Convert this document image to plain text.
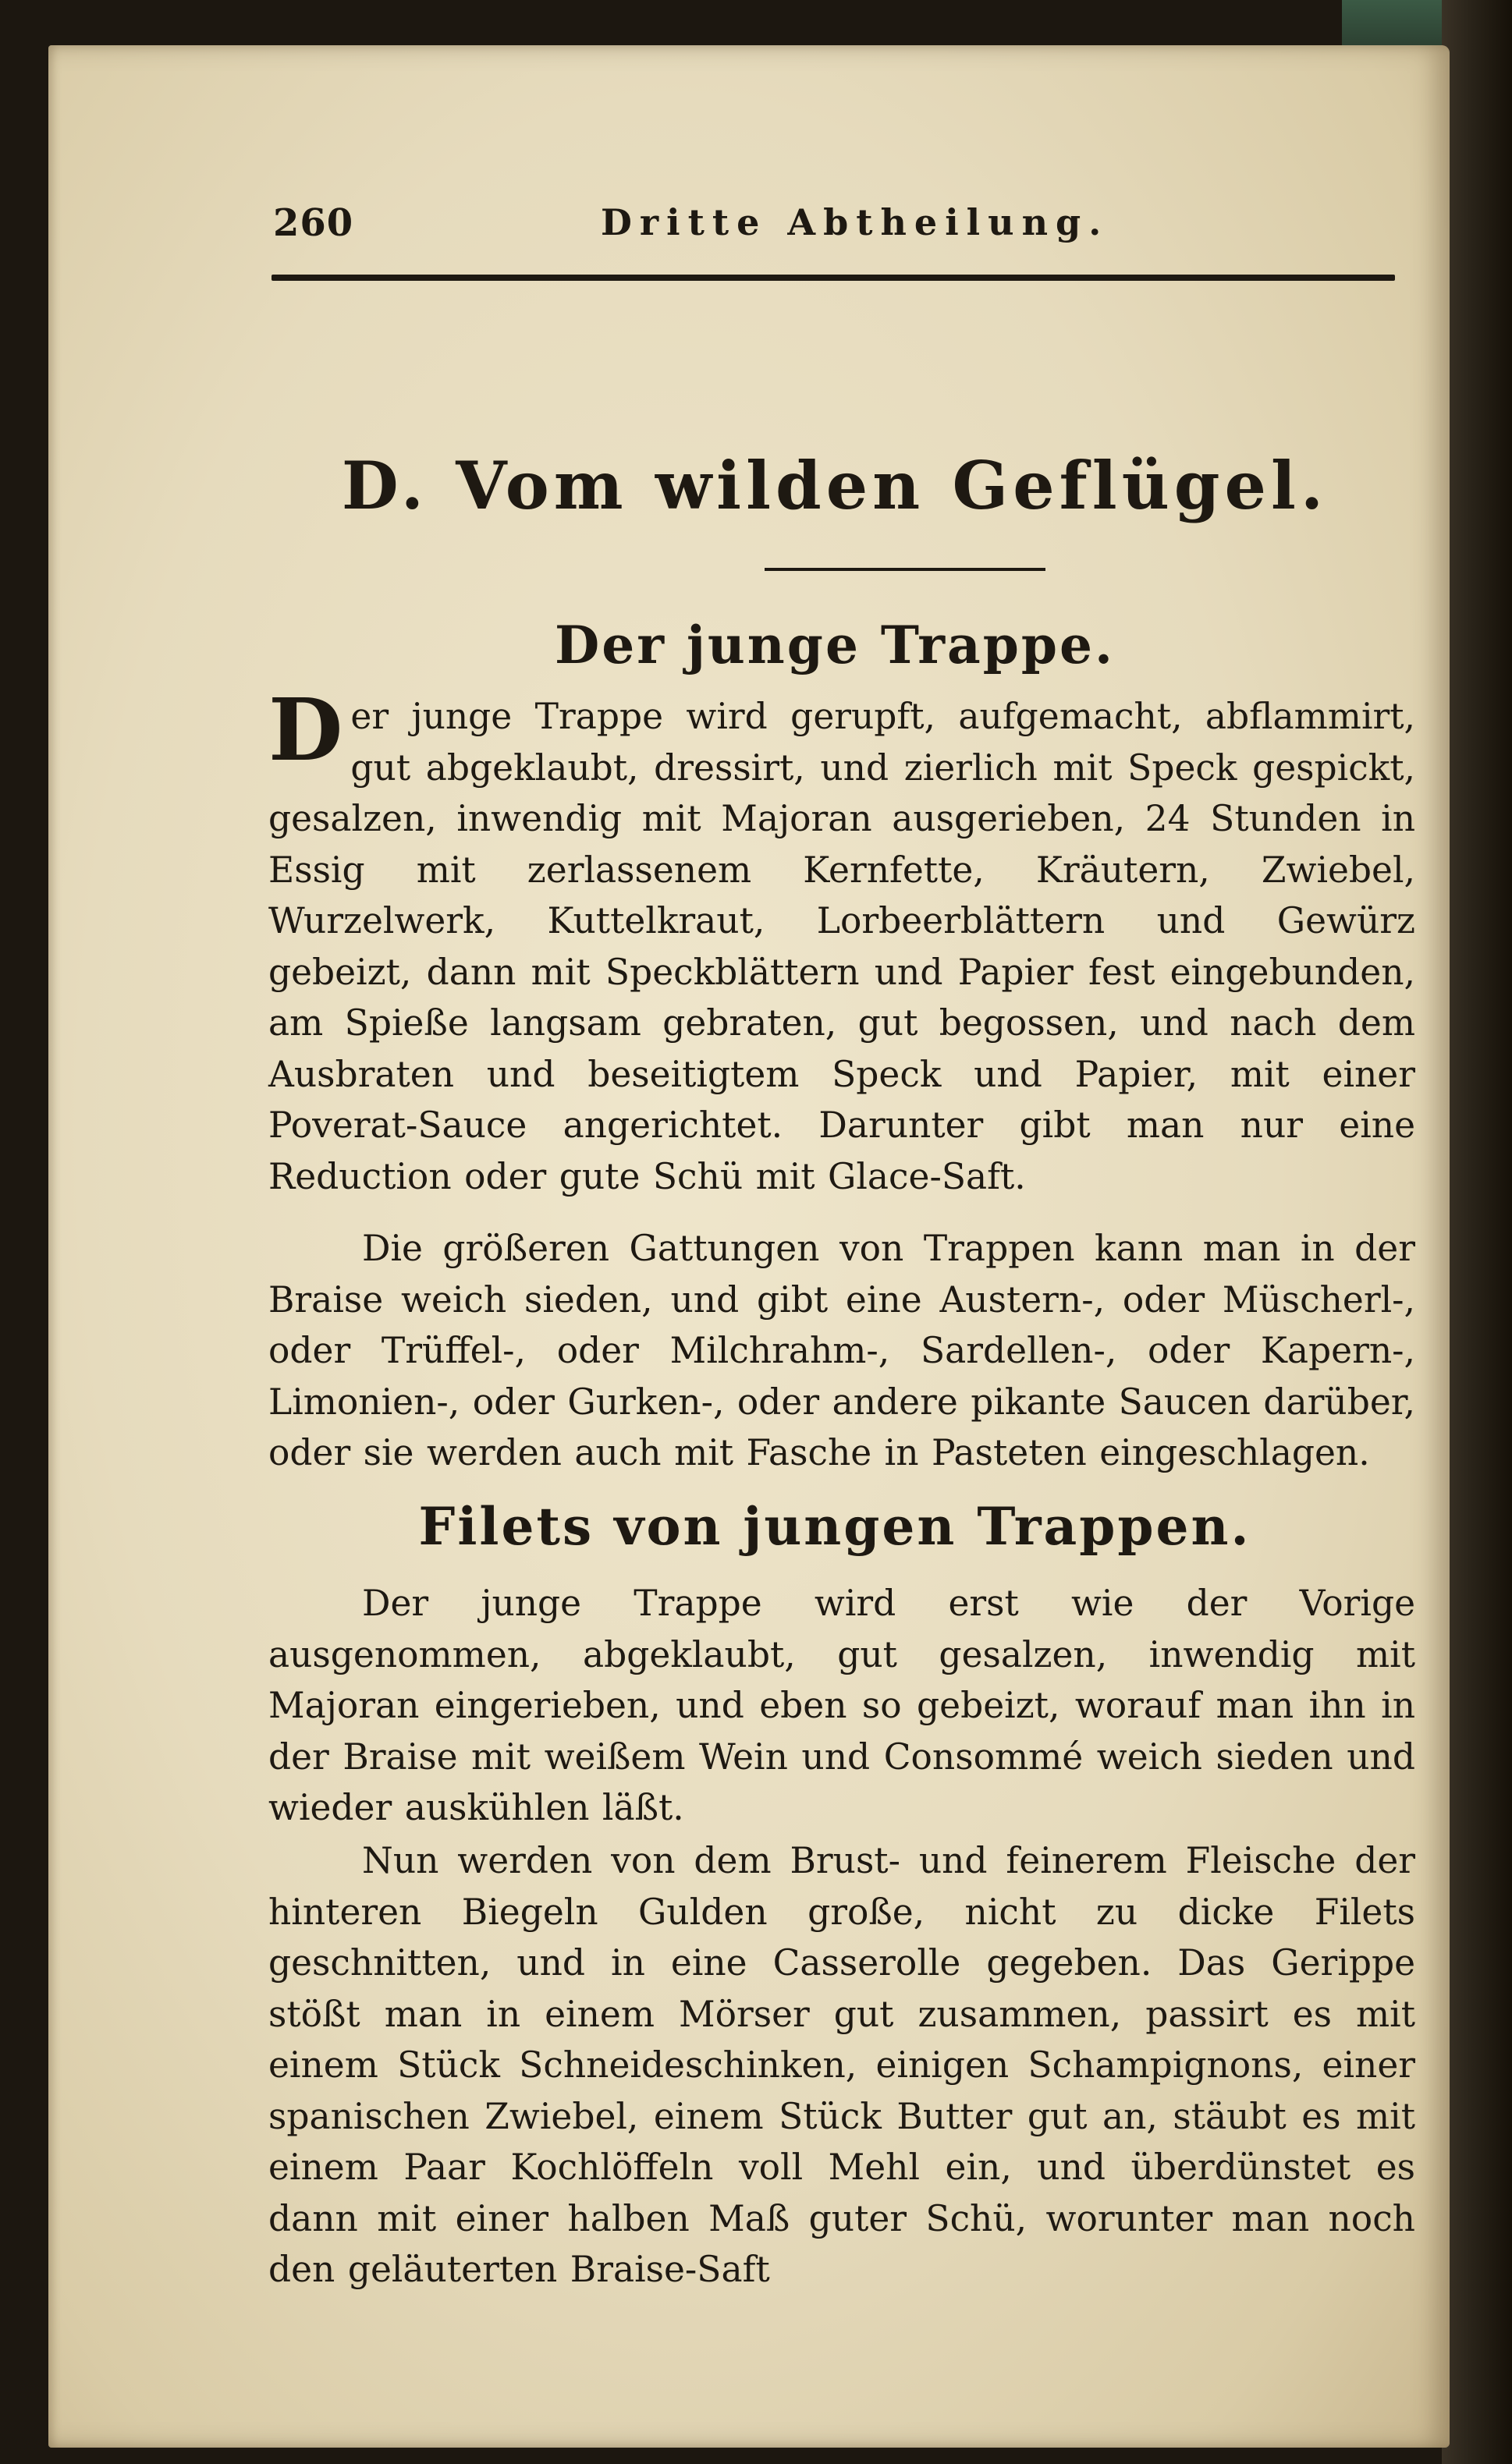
260	Dritte Abtheilung.
D. Vom wilden Geflügel.
Der junge Trappe.
Der junge Trappe wird gerupft, aufgemacht, abflammirt, gut abgeklaubt, dressirt, und zierlich mit Speck gespickt, gesalzen, inwendig mit Majoran ausgerieben, 24 Stunden in Essig mit zerlassenem Kernfette, Kräutern, Zwiebel, Wurzelwerk, Kuttelkraut, Lorbeerblättern und Gewürz gebeizt, dann mit Speckblättern und Papier fest eingebunden, am Spieße langsam gebraten, gut begossen, und nach dem Ausbraten und beseitigtem Speck und Papier, mit einer Poverat-Sauce angerichtet. Darunter gibt man nur eine Reduction oder gute Schü mit Glace-Saft.
Die größeren Gattungen von Trappen kann man in der Braise weich sieden, und gibt eine Austern-, oder Müscherl-, oder Trüffel-, oder Milchrahm-, Sardellen-, oder Kapern-, Limonien-, oder Gurken-, oder andere pikante Saucen darüber, oder sie werden auch mit Fasche in Pasteten eingeschlagen.
Filets von jungen Trappen.
Der junge Trappe wird erst wie der Vorige ausgenommen, abgeklaubt, gut gesalzen, inwendig mit Majoran eingerieben, und eben so gebeizt, worauf man ihn in der Braise mit weißem Wein und Consommé weich sieden und wieder auskühlen läßt.
Nun werden von dem Brust- und feinerem Fleische der hinteren Biegeln Gulden große, nicht zu dicke Filets geschnitten, und in eine Casserolle gegeben. Das Gerippe stößt man in einem Mörser gut zusammen, passirt es mit einem Stück Schneideschinken, einigen Schampignons, einer spanischen Zwiebel, einem Stück Butter gut an, stäubt es mit einem Paar Kochlöffeln voll Mehl ein, und überdünstet es dann mit einer halben Maß guter Schü, worunter man noch den geläuterten Braise-Saft
